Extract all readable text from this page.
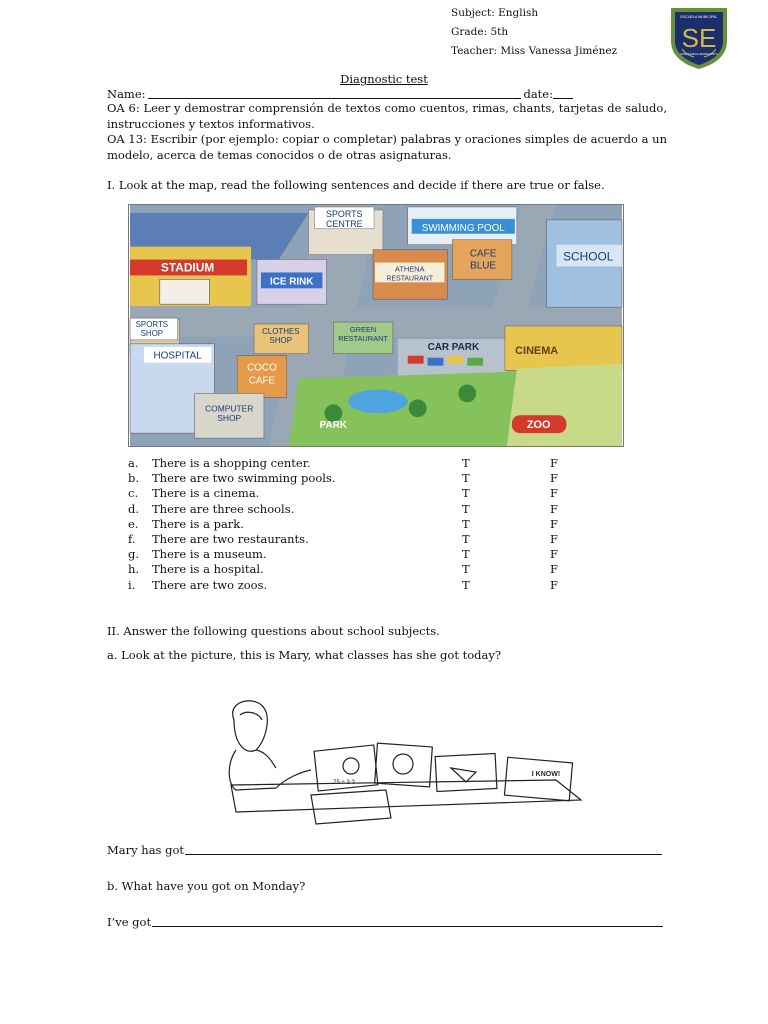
Subject: English
Grade: 5th
Teacher: Miss Vanessa Jiménez
ESCUELA MUNICIPAL
SE
SANTA EMILIA MARIA PINTO
Diagnostic test
Name:	date:
OA 6: Leer y demostrar comprensión de textos como cuentos, rimas, chants, tarjetas de saludo, instrucciones y textos informativos.
OA 13: Escribir (por ejemplo: copiar o completar) palabras y oraciones simples de acuerdo a un modelo, acerca de temas conocidos o de otras asignaturas.
I. Look at the map, read the following sentences and decide if there are true or false.
STADIUM
SPORTS
CENTRE
ICE RINK
SWIMMING POOL
ATHENA
RESTAURANT
CAFE
BLUE
SCHOOL
SPORTS
SHOP
HOSPITAL
CLOTHES
SHOP
COCO
CAFE
COMPUTER
SHOP
GREEN
RESTAURANT
CAR PARK	CINEMA
PARK	ZOO
a.	There is a shopping center.	T	F
b.	There are two swimming pools.	T	F
c.	There is a cinema.	T	F
d.	There are three schools.	T	F
e.	There is a park.	T	F
f.	There are two restaurants.	T	F
g.	There is a museum.	T	F
h.	There is a hospital.	T	F
i.	There are two zoos.	T	F
II. Answer the following questions about school subjects.
a. Look at the picture, this is Mary, what classes has she got today?
75 ÷ 3 ?
I KNOW!
Mary has got
b. What have you got on Monday?
I’ve got
